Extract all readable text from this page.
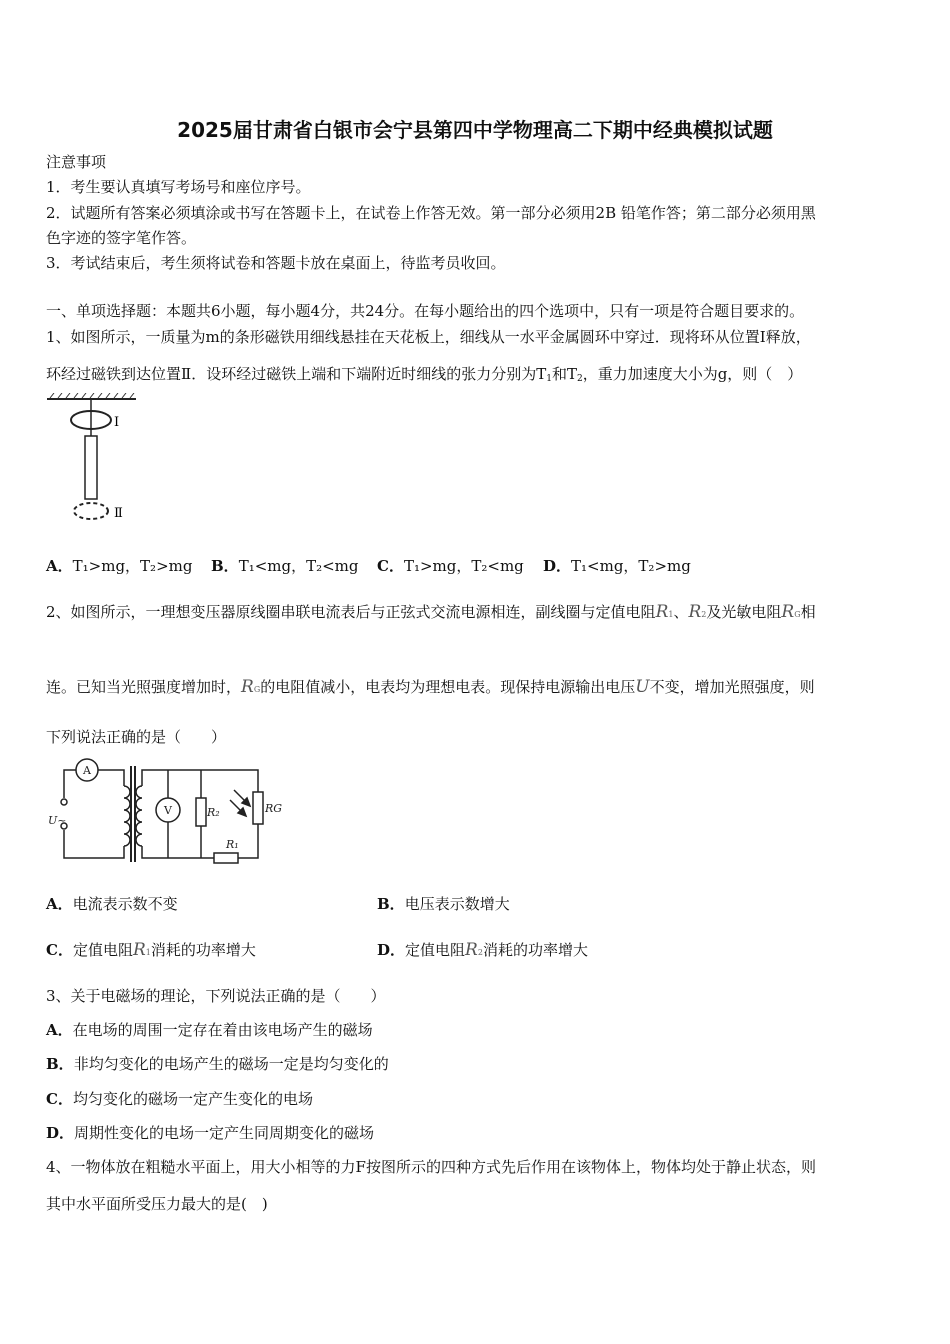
2025届甘肃省白银市会宁县第四中学物理高二下期中经典模拟试题
注意事项
1．考生要认真填写考场号和座位序号。
2．试题所有答案必须填涂或书写在答题卡上，在试卷上作答无效。第一部分必须用2B 铅笔作答；第二部分必须用黑
色字迹的签字笔作答。
3．考试结束后，考生须将试卷和答题卡放在桌面上，待监考员收回。
一、单项选择题：本题共6小题，每小题4分，共24分。在每小题给出的四个选项中，只有一项是符合题目要求的。
1、如图所示，一质量为m的条形磁铁用细线悬挂在天花板上，细线从一水平金属圆环中穿过．现将环从位置Ⅰ释放，
环经过磁铁到达位置Ⅱ．设环经过磁铁上端和下端附近时细线的张力分别为$T_1$和$T_2$，重力加速度大小为g，则（　）
Ⅰ
Ⅱ
A．T₁>mg，T₂>mg B．T₁<mg，T₂<mg C．T₁>mg，T₂<mg D．T₁<mg，T₂>mg
2、如图所示，一理想变压器原线圈串联电流表后与正弦式交流电源相连，副线圈与定值电阻R1、R2及光敏电阻RG相
连。已知当光照强度增加时，RG的电阻值减小，电表均为理想电表。现保持电源输出电压U不变，增加光照强度，则
下列说法正确的是（　　）
A
V	R₂	RG
R₁
U~
A．电流表示数不变	B．电压表示数增大
C．定值电阻R1消耗的功率增大	D．定值电阻R2消耗的功率增大
3、关于电磁场的理论，下列说法正确的是（　　）
A．在电场的周围一定存在着由该电场产生的磁场
B．非均匀变化的电场产生的磁场一定是均匀变化的
C．均匀变化的磁场一定产生变化的电场
D．周期性变化的电场一定产生同周期变化的磁场
4、一物体放在粗糙水平面上，用大小相等的力F按图所示的四种方式先后作用在该物体上，物体均处于静止状态，则
其中水平面所受压力最大的是(　)
